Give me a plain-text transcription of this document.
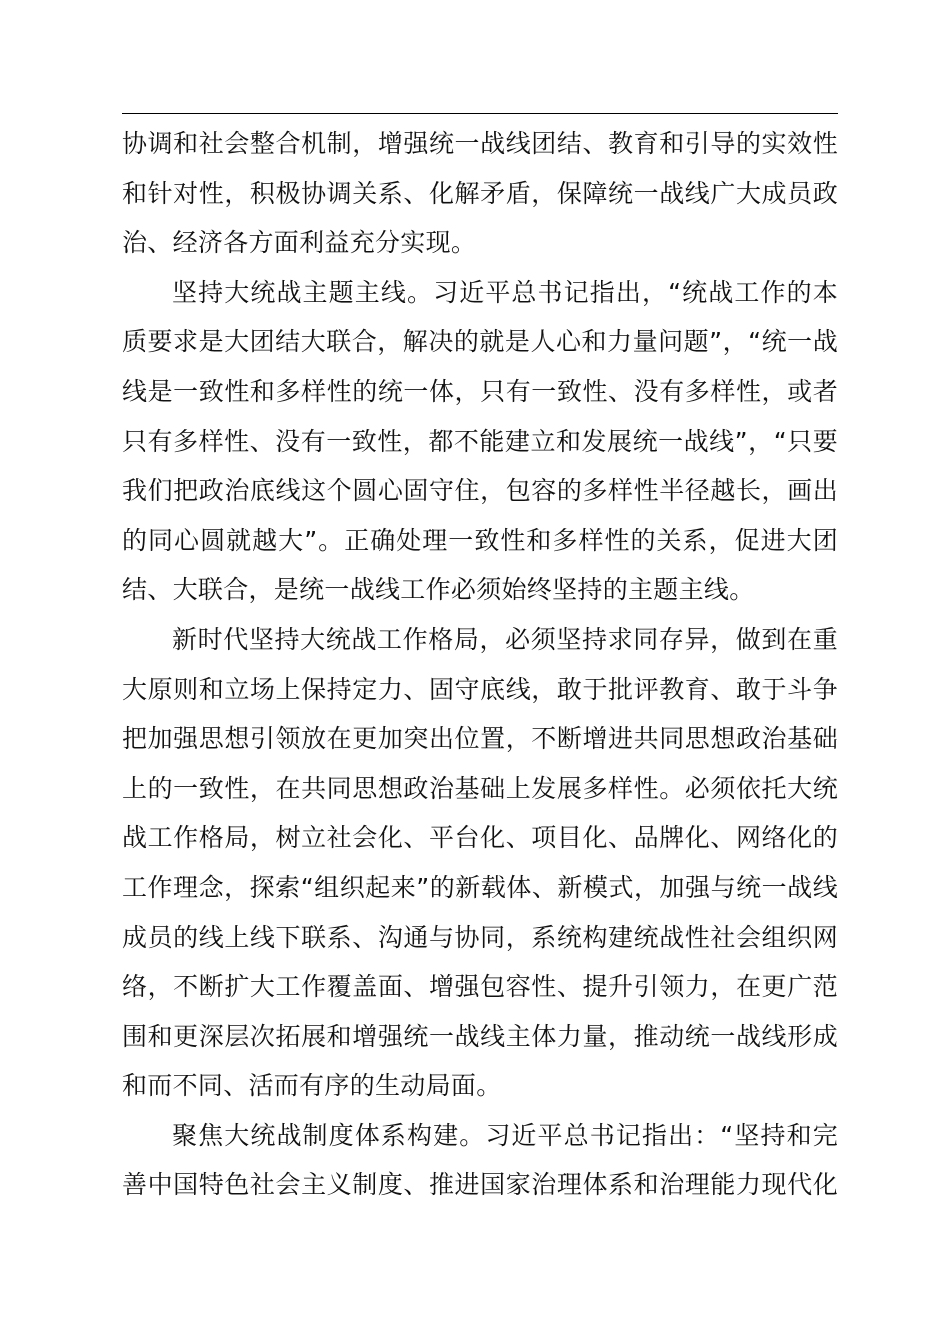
协调和社会整合机制，增强统一战线团结、教育和引导的实效性
和针对性，积极协调关系、化解矛盾，保障统一战线广大成员政
治、经济各方面利益充分实现。
坚持大统战主题主线。习近平总书记指出，“统战工作的本
质要求是大团结大联合，解决的就是人心和力量问题”，“统一战
线是一致性和多样性的统一体，只有一致性、没有多样性，或者
只有多样性、没有一致性，都不能建立和发展统一战线”，“只要
我们把政治底线这个圆心固守住，包容的多样性半径越长，画出
的同心圆就越大”。正确处理一致性和多样性的关系，促进大团
结、大联合，是统一战线工作必须始终坚持的主题主线。
新时代坚持大统战工作格局，必须坚持求同存异，做到在重
大原则和立场上保持定力、固守底线，敢于批评教育、敢于斗争
把加强思想引领放在更加突出位置，不断增进共同思想政治基础
上的一致性，在共同思想政治基础上发展多样性。必须依托大统
战工作格局，树立社会化、平台化、项目化、品牌化、网络化的
工作理念，探索“组织起来”的新载体、新模式，加强与统一战线
成员的线上线下联系、沟通与协同，系统构建统战性社会组织网
络，不断扩大工作覆盖面、增强包容性、提升引领力，在更广范
围和更深层次拓展和增强统一战线主体力量，推动统一战线形成
和而不同、活而有序的生动局面。
聚焦大统战制度体系构建。习近平总书记指出：“坚持和完
善中国特色社会主义制度、推进国家治理体系和治理能力现代化
